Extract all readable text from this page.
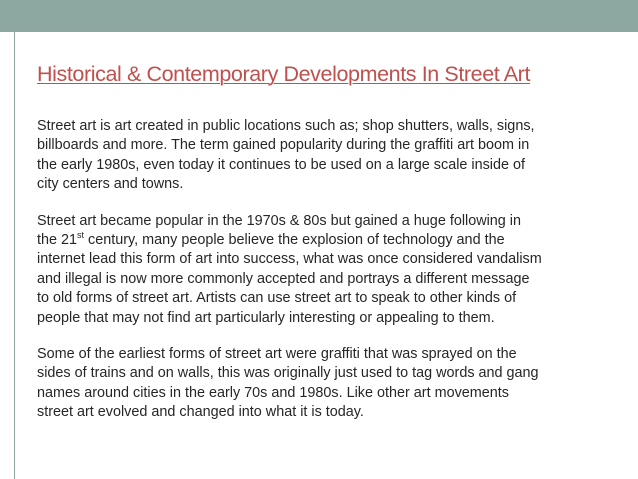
Historical & Contemporary Developments In Street Art

Street art is art created in public locations such as; shop shutters, walls, signs,
billboards and more. The term gained popularity during the graffiti art boom in
the early 1980s, even today it continues to be used on a large scale inside of
city centers and towns.

Street art became popular in the 1970s & 80s but gained a huge following in
the 21st century, many people believe the explosion of technology and the
internet lead this form of art into success, what was once considered vandalism
and illegal is now more commonly accepted and portrays a different message
to old forms of street art. Artists can use street art to speak to other kinds of
people that may not find art particularly interesting or appealing to them.

Some of the earliest forms of street art were graffiti that was sprayed on the
sides of trains and on walls, this was originally just used to tag words and gang
names around cities in the early 70s and 1980s. Like other art movements
street art evolved and changed into what it is today.
